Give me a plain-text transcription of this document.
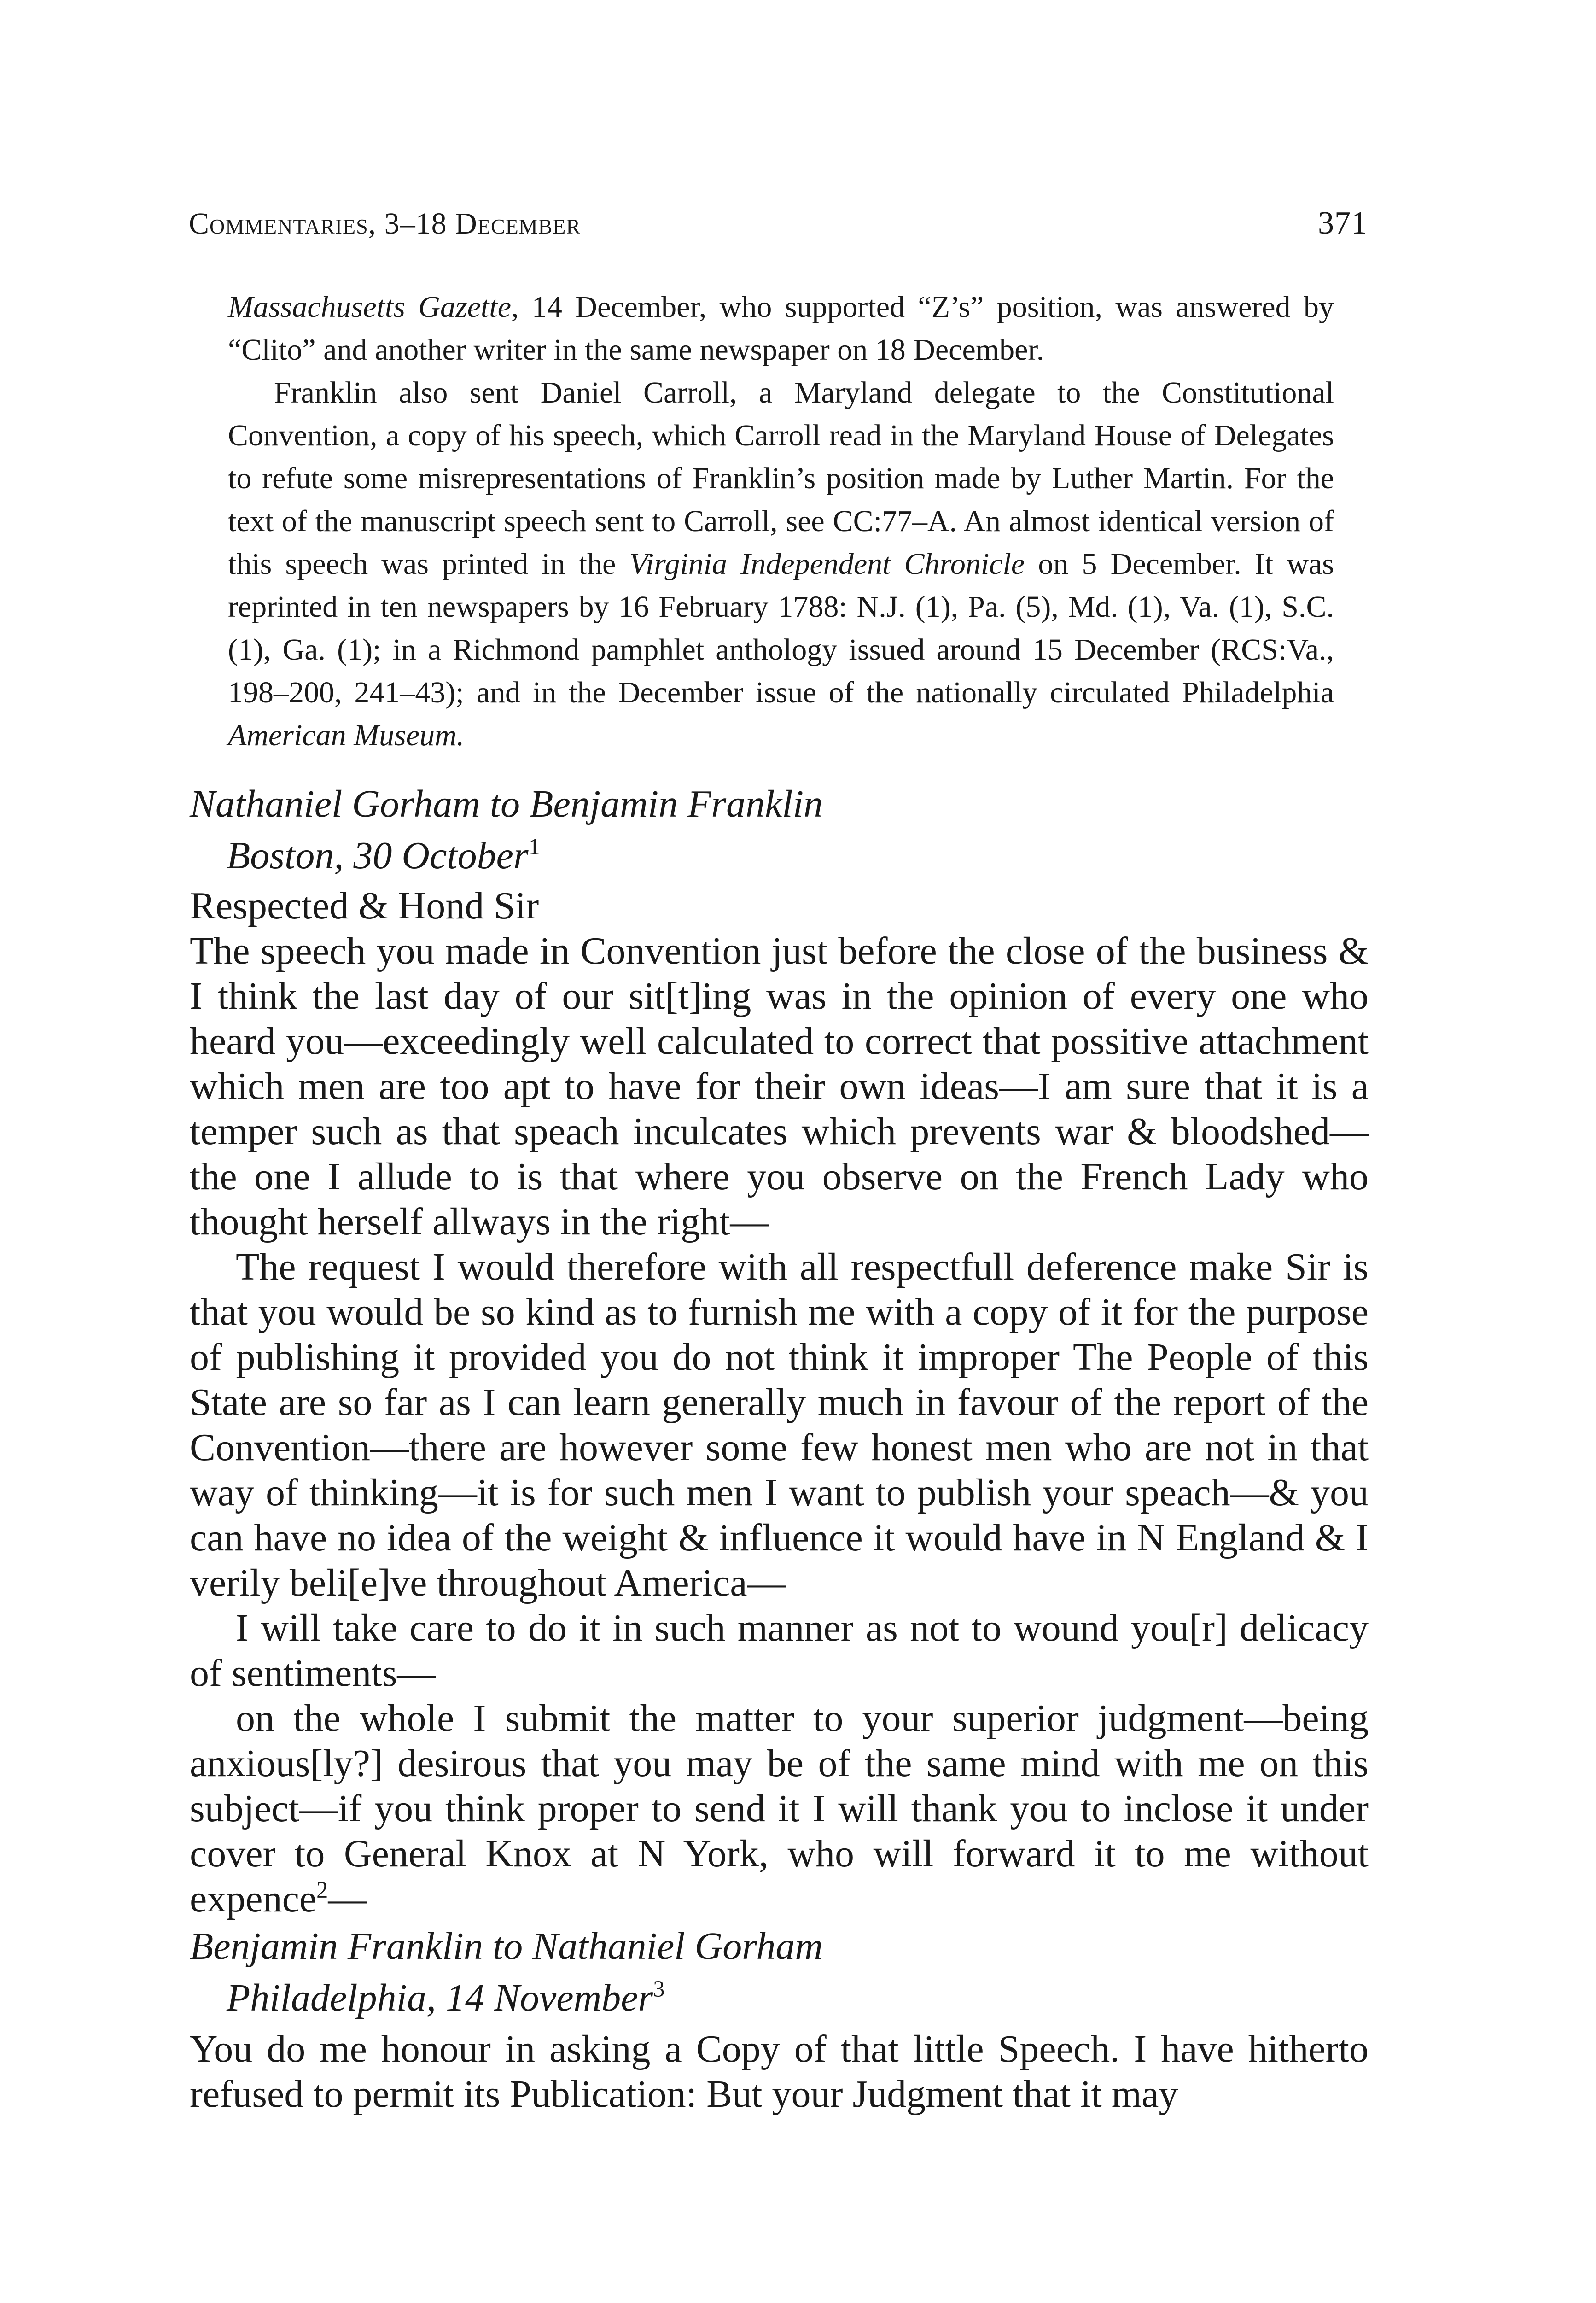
Commentaries, 3–18 December	371

Massachusetts Gazette, 14 December, who supported “Z’s” position, was answered by “Clito” and another writer in the same newspaper on 18 December.

Franklin also sent Daniel Carroll, a Maryland delegate to the Constitutional Convention, a copy of his speech, which Carroll read in the Maryland House of Delegates to refute some misrepresentations of Franklin’s position made by Luther Martin. For the text of the manuscript speech sent to Carroll, see CC:77–A. An almost identical version of this speech was printed in the Virginia Independent Chronicle on 5 December. It was reprinted in ten newspapers by 16 February 1788: N.J. (1), Pa. (5), Md. (1), Va. (1), S.C. (1), Ga. (1); in a Richmond pamphlet anthology issued around 15 December (RCS:Va., 198–200, 241–43); and in the December issue of the nationally circulated Philadelphia American Museum.

Nathaniel Gorham to Benjamin Franklin
Boston, 30 October$^1$

Respected & Hond Sir

The speech you made in Convention just before the close of the business & I think the last day of our sit[t]ing was in the opinion of every one who heard you—exceedingly well calculated to correct that possitive attachment which men are too apt to have for their own ideas—I am sure that it is a temper such as that speach inculcates which prevents war & bloodshed—the one I allude to is that where you observe on the French Lady who thought herself allways in the right—

The request I would therefore with all respectfull deference make Sir is that you would be so kind as to furnish me with a copy of it for the purpose of publishing it provided you do not think it improper The People of this State are so far as I can learn generally much in favour of the report of the Convention—there are however some few honest men who are not in that way of thinking—it is for such men I want to publish your speach—& you can have no idea of the weight & influence it would have in N England & I verily beli[e]ve throughout America—

I will take care to do it in such manner as not to wound you[r] delicacy of sentiments—

on the whole I submit the matter to your superior judgment—being anxious[ly?] desirous that you may be of the same mind with me on this subject—if you think proper to send it I will thank you to inclose it under cover to General Knox at N York, who will forward it to me without expence$^2$—

Benjamin Franklin to Nathaniel Gorham
Philadelphia, 14 November$^3$

You do me honour in asking a Copy of that little Speech. I have hitherto refused to permit its Publication: But your Judgment that it may
